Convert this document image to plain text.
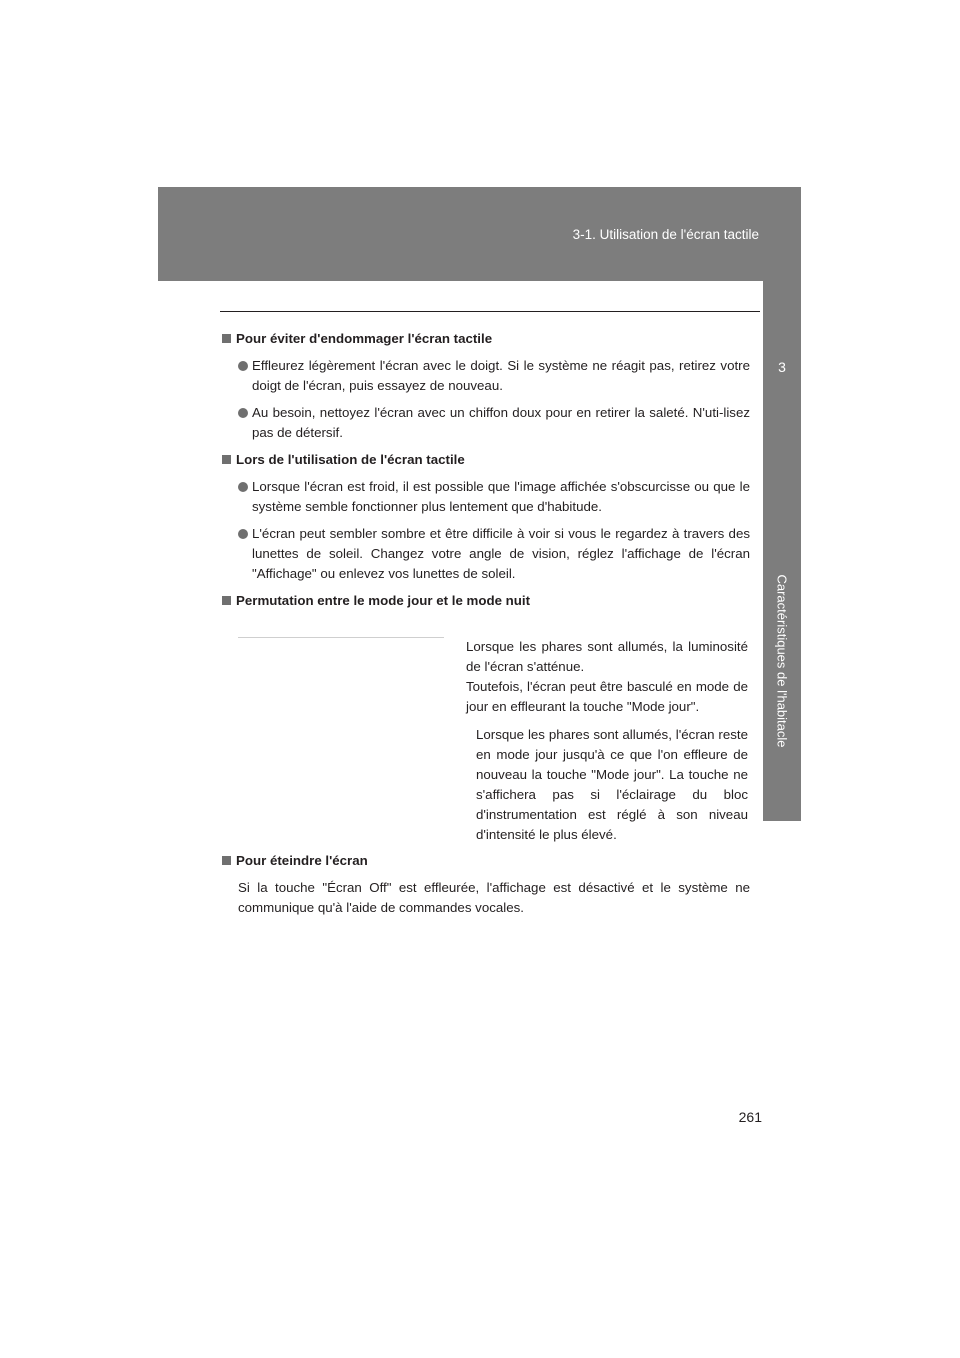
3-1. Utilisation de l'écran tactile
3
Caractéristiques de l'habitacle

Pour éviter d'endommager l'écran tactile

Effleurez légèrement l'écran avec le doigt. Si le système ne réagit pas, retirez votre doigt de l'écran, puis essayez de nouveau.

Au besoin, nettoyez l'écran avec un chiffon doux pour en retirer la saleté. N'uti-lisez pas de détersif.

Lors de l'utilisation de l'écran tactile

Lorsque l'écran est froid, il est possible que l'image affichée s'obscurcisse ou que le système semble fonctionner plus lentement que d'habitude.

L'écran peut sembler sombre et être difficile à voir si vous le regardez à travers des lunettes de soleil. Changez votre angle de vision, réglez l'affichage de l'écran "Affichage" ou enlevez vos lunettes de soleil.

Permutation entre le mode jour et le mode nuit

Lorsque les phares sont allumés, la luminosité de l'écran s'atténue.
Toutefois, l'écran peut être basculé en mode de jour en effleurant la touche "Mode jour".
Lorsque les phares sont allumés, l'écran reste en mode jour jusqu'à ce que l'on effleure de nouveau la touche "Mode jour". La touche ne s'affichera pas si l'éclairage du bloc d'instrumentation est réglé à son niveau d'intensité le plus élevé.

Pour éteindre l'écran

Si la touche "Écran Off" est effleurée, l'affichage est désactivé et le système ne communique qu'à l'aide de commandes vocales.

261
